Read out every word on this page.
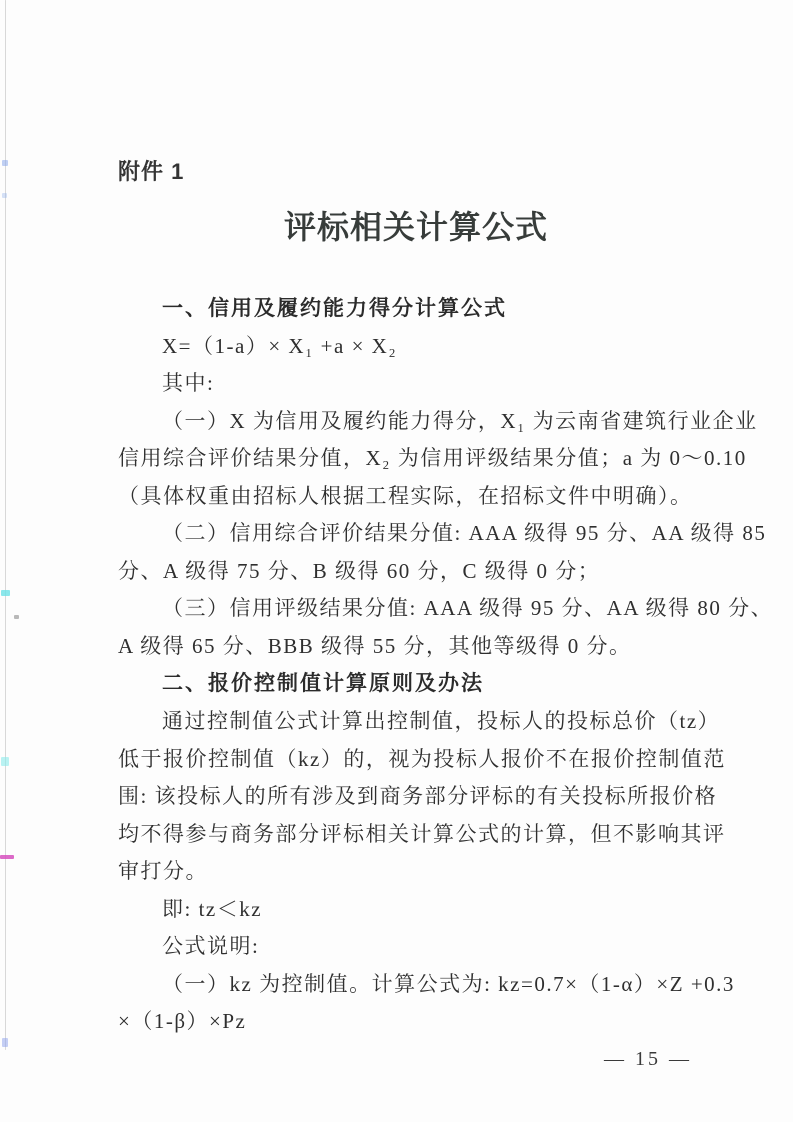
附件 1
评标相关计算公式
一、信用及履约能力得分计算公式
X=（1-a）× X₁ +a × X₂
其中:
（一）X 为信用及履约能力得分，X₁ 为云南省建筑行业企业
信用综合评价结果分值，X₂ 为信用评级结果分值；a 为 0～0.10
（具体权重由招标人根据工程实际，在招标文件中明确）。
（二）信用综合评价结果分值: AAA 级得 95 分、AA 级得 85
分、A 级得 75 分、B 级得 60 分，C 级得 0 分；
（三）信用评级结果分值: AAA 级得 95 分、AA 级得 80 分、
A 级得 65 分、BBB 级得 55 分，其他等级得 0 分。
二、报价控制值计算原则及办法
通过控制值公式计算出控制值，投标人的投标总价（tz）
低于报价控制值（kz）的，视为投标人报价不在报价控制值范
围: 该投标人的所有涉及到商务部分评标的有关投标所报价格
均不得参与商务部分评标相关计算公式的计算，但不影响其评
审打分。
即: tz＜kz
公式说明:
（一）kz 为控制值。计算公式为: kz=0.7×（1-α）×Z +0.3
×（1-β）×Pz
— 15 —
